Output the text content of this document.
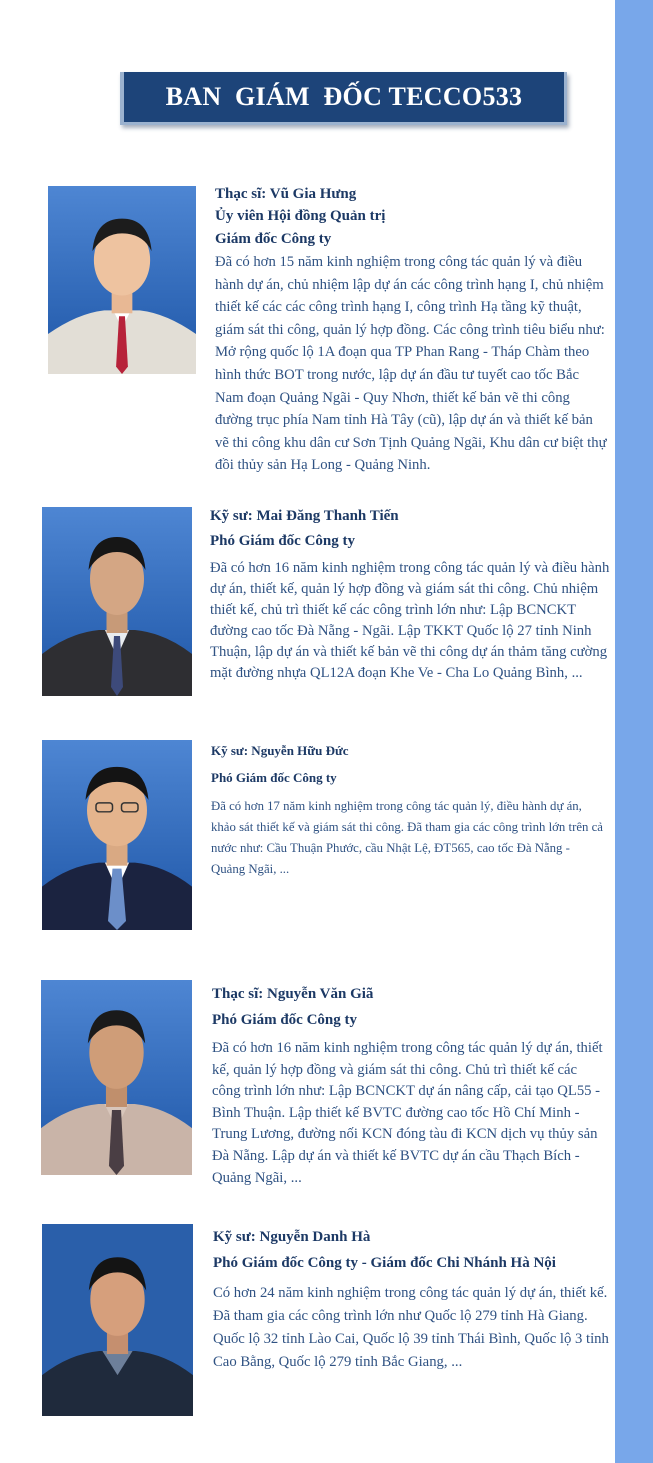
BAN  GIÁM  ĐỐC TECCO533
Thạc sĩ: Vũ Gia Hưng
Ủy viên Hội đồng Quản trị
Giám đốc Công ty
Đã có hơn 15 năm kinh nghiệm trong công tác quản lý và điều hành dự án, chủ nhiệm lập dự án các công trình hạng I, chủ nhiệm thiết kế các các công trình hạng I, công trình Hạ tầng kỹ thuật, giám sát thi công, quản lý hợp đồng. Các công trình tiêu biểu như: Mở rộng quốc lộ 1A đoạn qua TP Phan Rang - Tháp Chàm theo hình thức BOT trong nước, lập dự án đầu tư tuyết cao tốc Bắc Nam đoạn Quảng Ngãi - Quy Nhơn, thiết kế bản vẽ thi công đường trục phía Nam tỉnh Hà Tây (cũ), lập dự án và thiết kế bản vẽ thi công khu dân cư Sơn Tịnh Quảng Ngãi, Khu dân cư biệt thự đồi thủy sản Hạ Long - Quảng Ninh.
Kỹ sư: Mai Đăng Thanh Tiến
Phó Giám đốc Công ty
Đã có hơn 16 năm kinh nghiệm trong công tác quản lý và điều hành dự án, thiết kế, quản lý hợp đồng và giám sát thi công. Chủ nhiệm thiết kế, chủ trì thiết kế các công trình lớn như: Lập BCNCKT đường cao tốc Đà Nẵng - Ngãi. Lập TKKT Quốc lộ 27 tỉnh Ninh Thuận, lập dự án và thiết kế bản vẽ thi công dự án thảm tăng cường mặt đường nhựa QL12A đoạn Khe Ve - Cha Lo Quảng Bình, ...
Kỹ sư: Nguyễn Hữu Đức
Phó Giám đốc Công ty
Đã có hơn 17 năm kinh nghiệm trong công tác quản lý, điều hành dự án, khảo sát thiết kế và giám sát thi công. Đã tham gia các công trình lớn trên cả nước như: Cầu Thuận Phước, cầu Nhật Lệ, ĐT565, cao tốc Đà Nẵng - Quảng Ngãi, ...
Thạc sĩ: Nguyễn Văn Giã
Phó Giám đốc Công ty
Đã có hơn 16 năm kinh nghiệm trong công tác quản lý dự án, thiết kế, quản lý hợp đồng và giám sát thi công. Chủ trì thiết kế các công trình lớn như: Lập BCNCKT dự án nâng cấp, cải tạo QL55 - Bình Thuận. Lập thiết kế BVTC đường cao tốc Hồ Chí Minh - Trung Lương, đường nối KCN đóng tàu đi KCN dịch vụ thủy sản Đà Nẵng. Lập dự án và thiết kế BVTC dự án cầu Thạch Bích - Quảng Ngãi, ...
Kỹ sư: Nguyễn Danh Hà
Phó Giám đốc Công ty - Giám đốc Chi Nhánh Hà Nội
Có hơn 24 năm kinh nghiệm trong công tác quản lý dự án, thiết kế. Đã tham gia các công trình lớn như Quốc lộ 279 tỉnh Hà Giang. Quốc lộ 32 tỉnh Lào Cai, Quốc lộ 39 tỉnh Thái Bình, Quốc lộ 3 tỉnh Cao Bằng, Quốc lộ 279 tỉnh Bắc Giang, ...
